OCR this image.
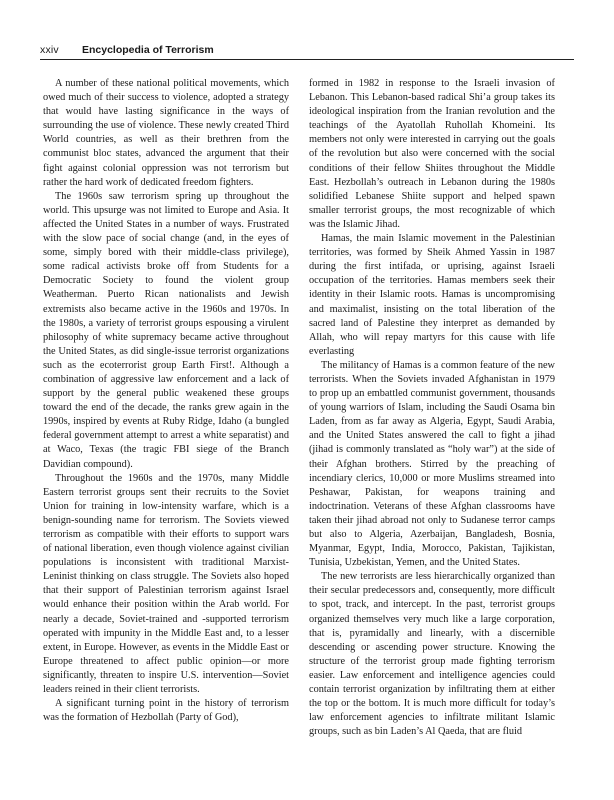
xxiv Encyclopedia of Terrorism

A number of these national political movements, which owed much of their success to violence, adopted a strategy that would have lasting significance in the ways of surrounding the use of violence. These newly created Third World countries, as well as their brethren from the communist bloc states, advanced the argument that their fight against colonial oppression was not terrorism but rather the hard work of dedicated freedom fighters.

The 1960s saw terrorism spring up throughout the world. This upsurge was not limited to Europe and Asia. It affected the United States in a number of ways. Frustrated with the slow pace of social change (and, in the eyes of some, simply bored with their middle-class privilege), some radical activists broke off from Students for a Democratic Society to found the violent group Weatherman. Puerto Rican nationalists and Jewish extremists also became active in the 1960s and 1970s. In the 1980s, a variety of terrorist groups espousing a virulent philosophy of white supremacy became active throughout the United States, as did single-issue terrorist organizations such as the ecoterrorist group Earth First!. Although a combination of aggressive law enforcement and a lack of support by the general public weakened these groups toward the end of the decade, the ranks grew again in the 1990s, inspired by events at Ruby Ridge, Idaho (a bungled federal government attempt to arrest a white separatist) and at Waco, Texas (the tragic FBI siege of the Branch Davidian compound).

Throughout the 1960s and the 1970s, many Middle Eastern terrorist groups sent their recruits to the Soviet Union for training in low-intensity warfare, which is a benign-sounding name for terrorism. The Soviets viewed terrorism as compatible with their efforts to support wars of national liberation, even though violence against civilian populations is inconsistent with traditional Marxist-Leninist thinking on class struggle. The Soviets also hoped that their support of Palestinian terrorism against Israel would enhance their position within the Arab world. For nearly a decade, Soviet-trained and -supported terrorism operated with impunity in the Middle East and, to a lesser extent, in Europe. However, as events in the Middle East or Europe threatened to affect public opinion—or more significantly, threaten to inspire U.S. intervention—Soviet leaders reined in their client terrorists.

A significant turning point in the history of terrorism was the formation of Hezbollah (Party of God),

formed in 1982 in response to the Israeli invasion of Lebanon. This Lebanon-based radical Shi’a group takes its ideological inspiration from the Iranian revolution and the teachings of the Ayatollah Ruhollah Khomeini. Its members not only were interested in carrying out the goals of the revolution but also were concerned with the social conditions of their fellow Shiites throughout the Middle East. Hezbollah’s outreach in Lebanon during the 1980s solidified Lebanese Shiite support and helped spawn smaller terrorist groups, the most recognizable of which was the Islamic Jihad.

Hamas, the main Islamic movement in the Palestinian territories, was formed by Sheik Ahmed Yassin in 1987 during the first intifada, or uprising, against Israeli occupation of the territories. Hamas members seek their identity in their Islamic roots. Hamas is uncompromising and maximalist, insisting on the total liberation of the sacred land of Palestine they interpret as demanded by Allah, who will repay martyrs for this cause with life everlasting

The militancy of Hamas is a common feature of the new terrorists. When the Soviets invaded Afghanistan in 1979 to prop up an embattled communist government, thousands of young warriors of Islam, including the Saudi Osama bin Laden, from as far away as Algeria, Egypt, Saudi Arabia, and the United States answered the call to fight a jihad (jihad is commonly translated as “holy war”) at the side of their Afghan brothers. Stirred by the preaching of incendiary clerics, 10,000 or more Muslims streamed into Peshawar, Pakistan, for weapons training and indoctrination. Veterans of these Afghan classrooms have taken their jihad abroad not only to Sudanese terror camps but also to Algeria, Azerbaijan, Bangladesh, Bosnia, Myanmar, Egypt, India, Morocco, Pakistan, Tajikistan, Tunisia, Uzbekistan, Yemen, and the United States.

The new terrorists are less hierarchically organized than their secular predecessors and, consequently, more difficult to spot, track, and intercept. In the past, terrorist groups organized themselves very much like a large corporation, that is, pyramidally and linearly, with a discernible descending or ascending power structure. Knowing the structure of the terrorist group made fighting terrorism easier. Law enforcement and intelligence agencies could contain terrorist organization by infiltrating them at either the top or the bottom. It is much more difficult for today’s law enforcement agencies to infiltrate militant Islamic groups, such as bin Laden’s Al Qaeda, that are fluid
